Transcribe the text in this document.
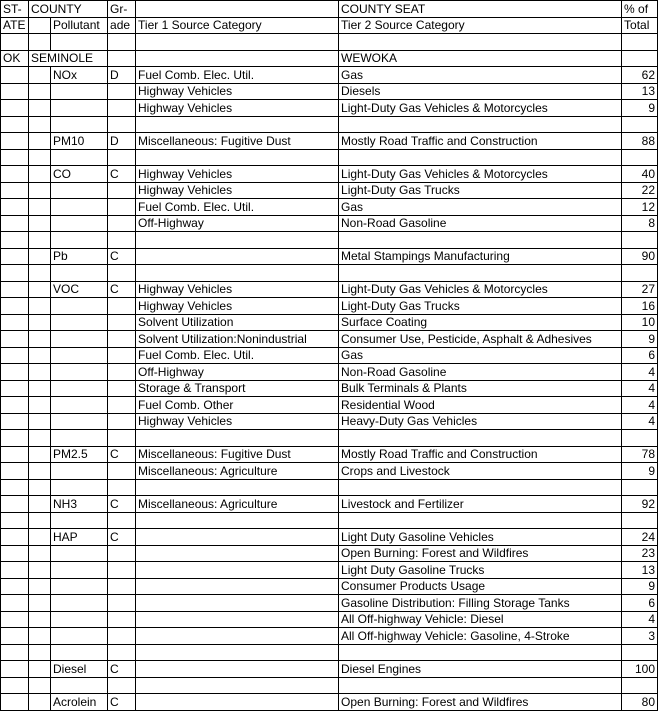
ST-	COUNTY		Gr-		COUNTY SEAT	% of
ATE		Pollutant	ade	Tier 1 Source Category	Tier 2 Source Category	Total

OK	SEMINOLE				WEWOKA	
		NOx	D	Fuel Comb. Elec. Util.	Gas	62
				Highway Vehicles	Diesels	13
				Highway Vehicles	Light-Duty Gas Vehicles & Motorcycles	9

		PM10	D	Miscellaneous: Fugitive Dust	Mostly Road Traffic and Construction	88

		CO	C	Highway Vehicles	Light-Duty Gas Vehicles & Motorcycles	40
				Highway Vehicles	Light-Duty Gas Trucks	22
				Fuel Comb. Elec. Util.	Gas	12
				Off-Highway	Non-Road Gasoline	8

		Pb	C		Metal Stampings Manufacturing	90

		VOC	C	Highway Vehicles	Light-Duty Gas Vehicles & Motorcycles	27
				Highway Vehicles	Light-Duty Gas Trucks	16
				Solvent Utilization	Surface Coating	10
				Solvent Utilization:Nonindustrial	Consumer Use, Pesticide, Asphalt & Adhesives	9
				Fuel Comb. Elec. Util.	Gas	6
				Off-Highway	Non-Road Gasoline	4
				Storage & Transport	Bulk Terminals & Plants	4
				Fuel Comb. Other	Residential Wood	4
				Highway Vehicles	Heavy-Duty Gas Vehicles	4

		PM2.5	C	Miscellaneous: Fugitive Dust	Mostly Road Traffic and Construction	78
				Miscellaneous: Agriculture	Crops and Livestock	9

		NH3	C	Miscellaneous: Agriculture	Livestock and Fertilizer	92

		HAP	C		Light Duty Gasoline Vehicles	24
					Open Burning: Forest and Wildfires	23
					Light Duty Gasoline Trucks	13
					Consumer Products Usage	9
					Gasoline Distribution: Filling Storage Tanks	6
					All Off-highway Vehicle: Diesel	4
					All Off-highway Vehicle: Gasoline, 4-Stroke	3

		Diesel	C		Diesel Engines	100

		Acrolein	C		Open Burning: Forest and Wildfires	80
